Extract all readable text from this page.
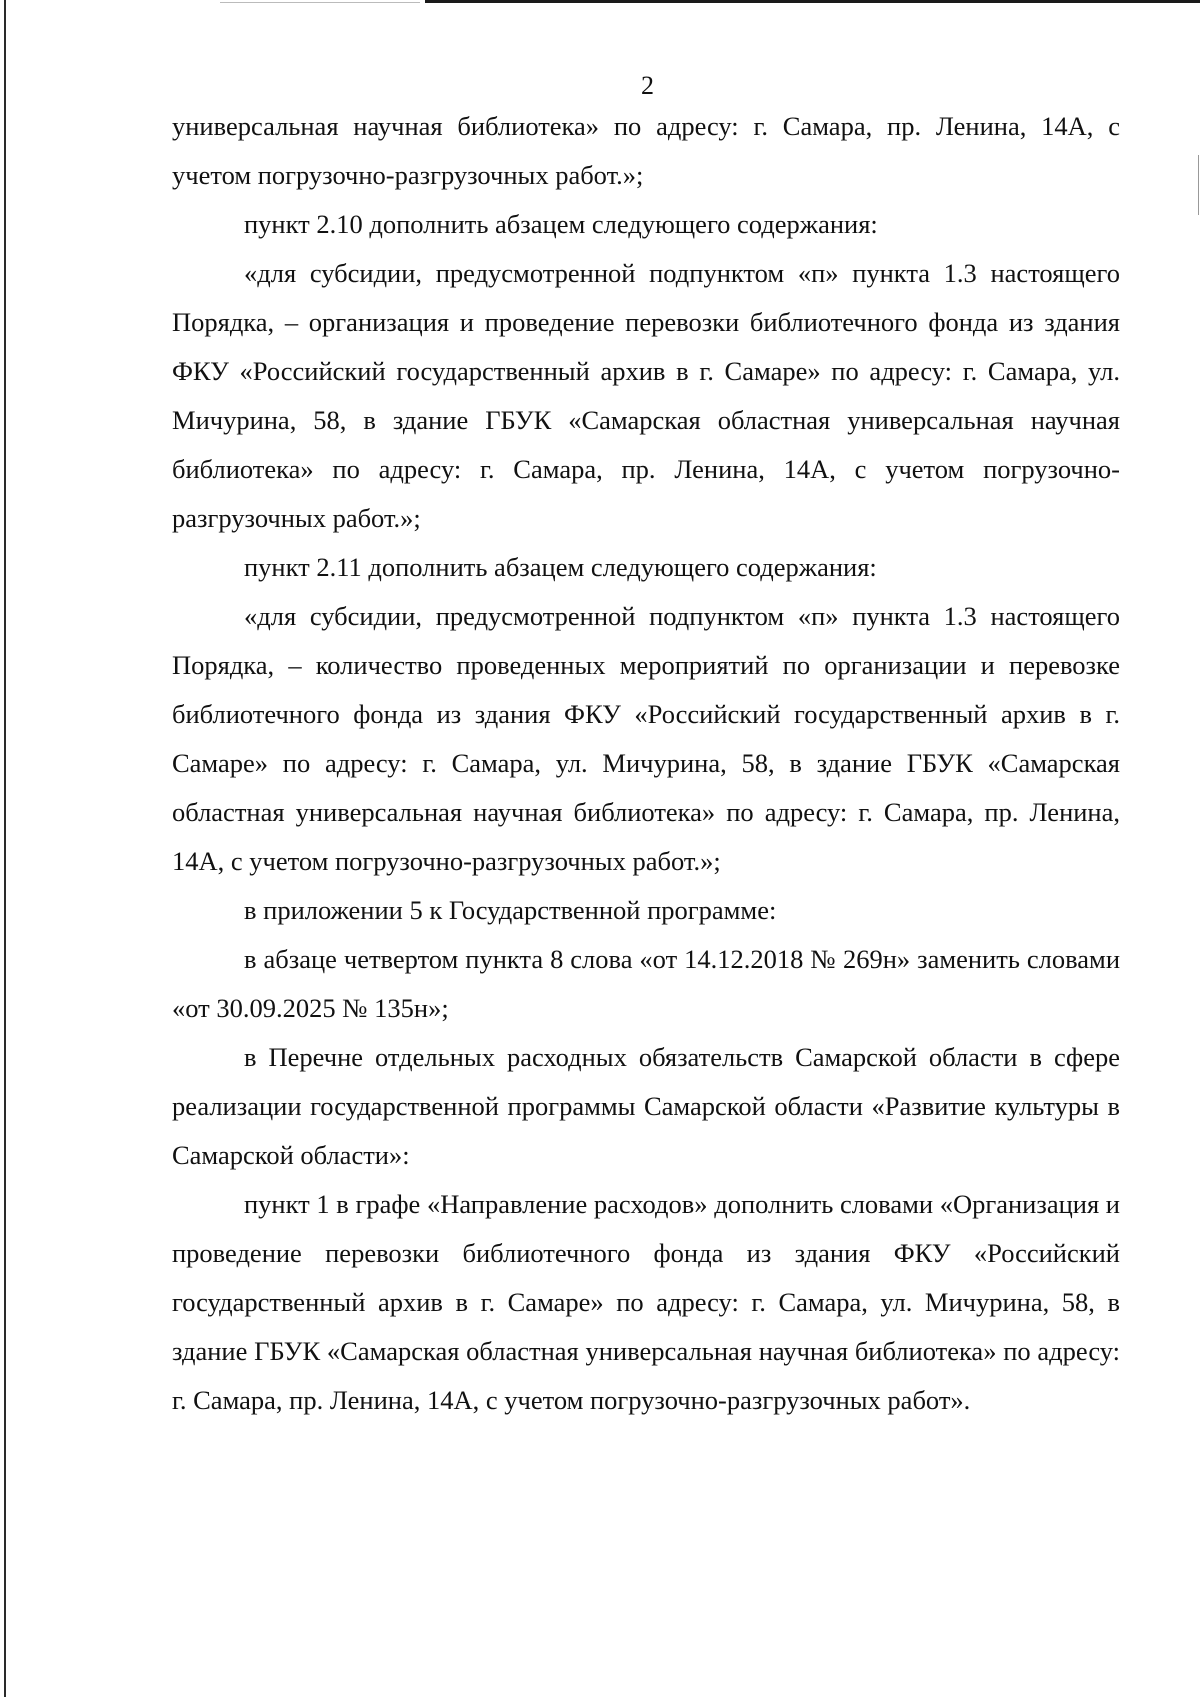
2

универсальная научная библиотека» по адресу: г. Самара, пр. Ленина, 14А, с учетом погрузочно-разгрузочных работ.»;

пункт 2.10 дополнить абзацем следующего содержания:

«для субсидии, предусмотренной подпунктом «п» пункта 1.3 настоящего Порядка, – организация и проведение перевозки библиотечного фонда из здания ФКУ «Российский государственный архив в г. Самаре» по адресу: г. Самара, ул. Мичурина, 58, в здание ГБУК «Самарская областная универсальная научная библиотека» по адресу: г. Самара, пр. Ленина, 14А, с учетом погрузочно-разгрузочных работ.»;

пункт 2.11 дополнить абзацем следующего содержания:

«для субсидии, предусмотренной подпунктом «п» пункта 1.3 настоящего Порядка, – количество проведенных мероприятий по организации и перевозке библиотечного фонда из здания ФКУ «Российский государственный архив в г. Самаре» по адресу: г. Самара, ул. Мичурина, 58, в здание ГБУК «Самарская областная универсальная научная библиотека» по адресу: г. Самара, пр. Ленина, 14А, с учетом погрузочно-разгрузочных работ.»;

в приложении 5 к Государственной программе:

в абзаце четвертом пункта 8 слова «от 14.12.2018 № 269н» заменить словами «от 30.09.2025 № 135н»;

в Перечне отдельных расходных обязательств Самарской области в сфере реализации государственной программы Самарской области «Развитие культуры в Самарской области»:

пункт 1 в графе «Направление расходов» дополнить словами «Организация и проведение перевозки библиотечного фонда из здания ФКУ «Российский государственный архив в г. Самаре» по адресу: г. Самара, ул. Мичурина, 58, в здание ГБУК «Самарская областная универсальная научная библиотека» по адресу: г. Самара, пр. Ленина, 14А, с учетом погрузочно-разгрузочных работ».
